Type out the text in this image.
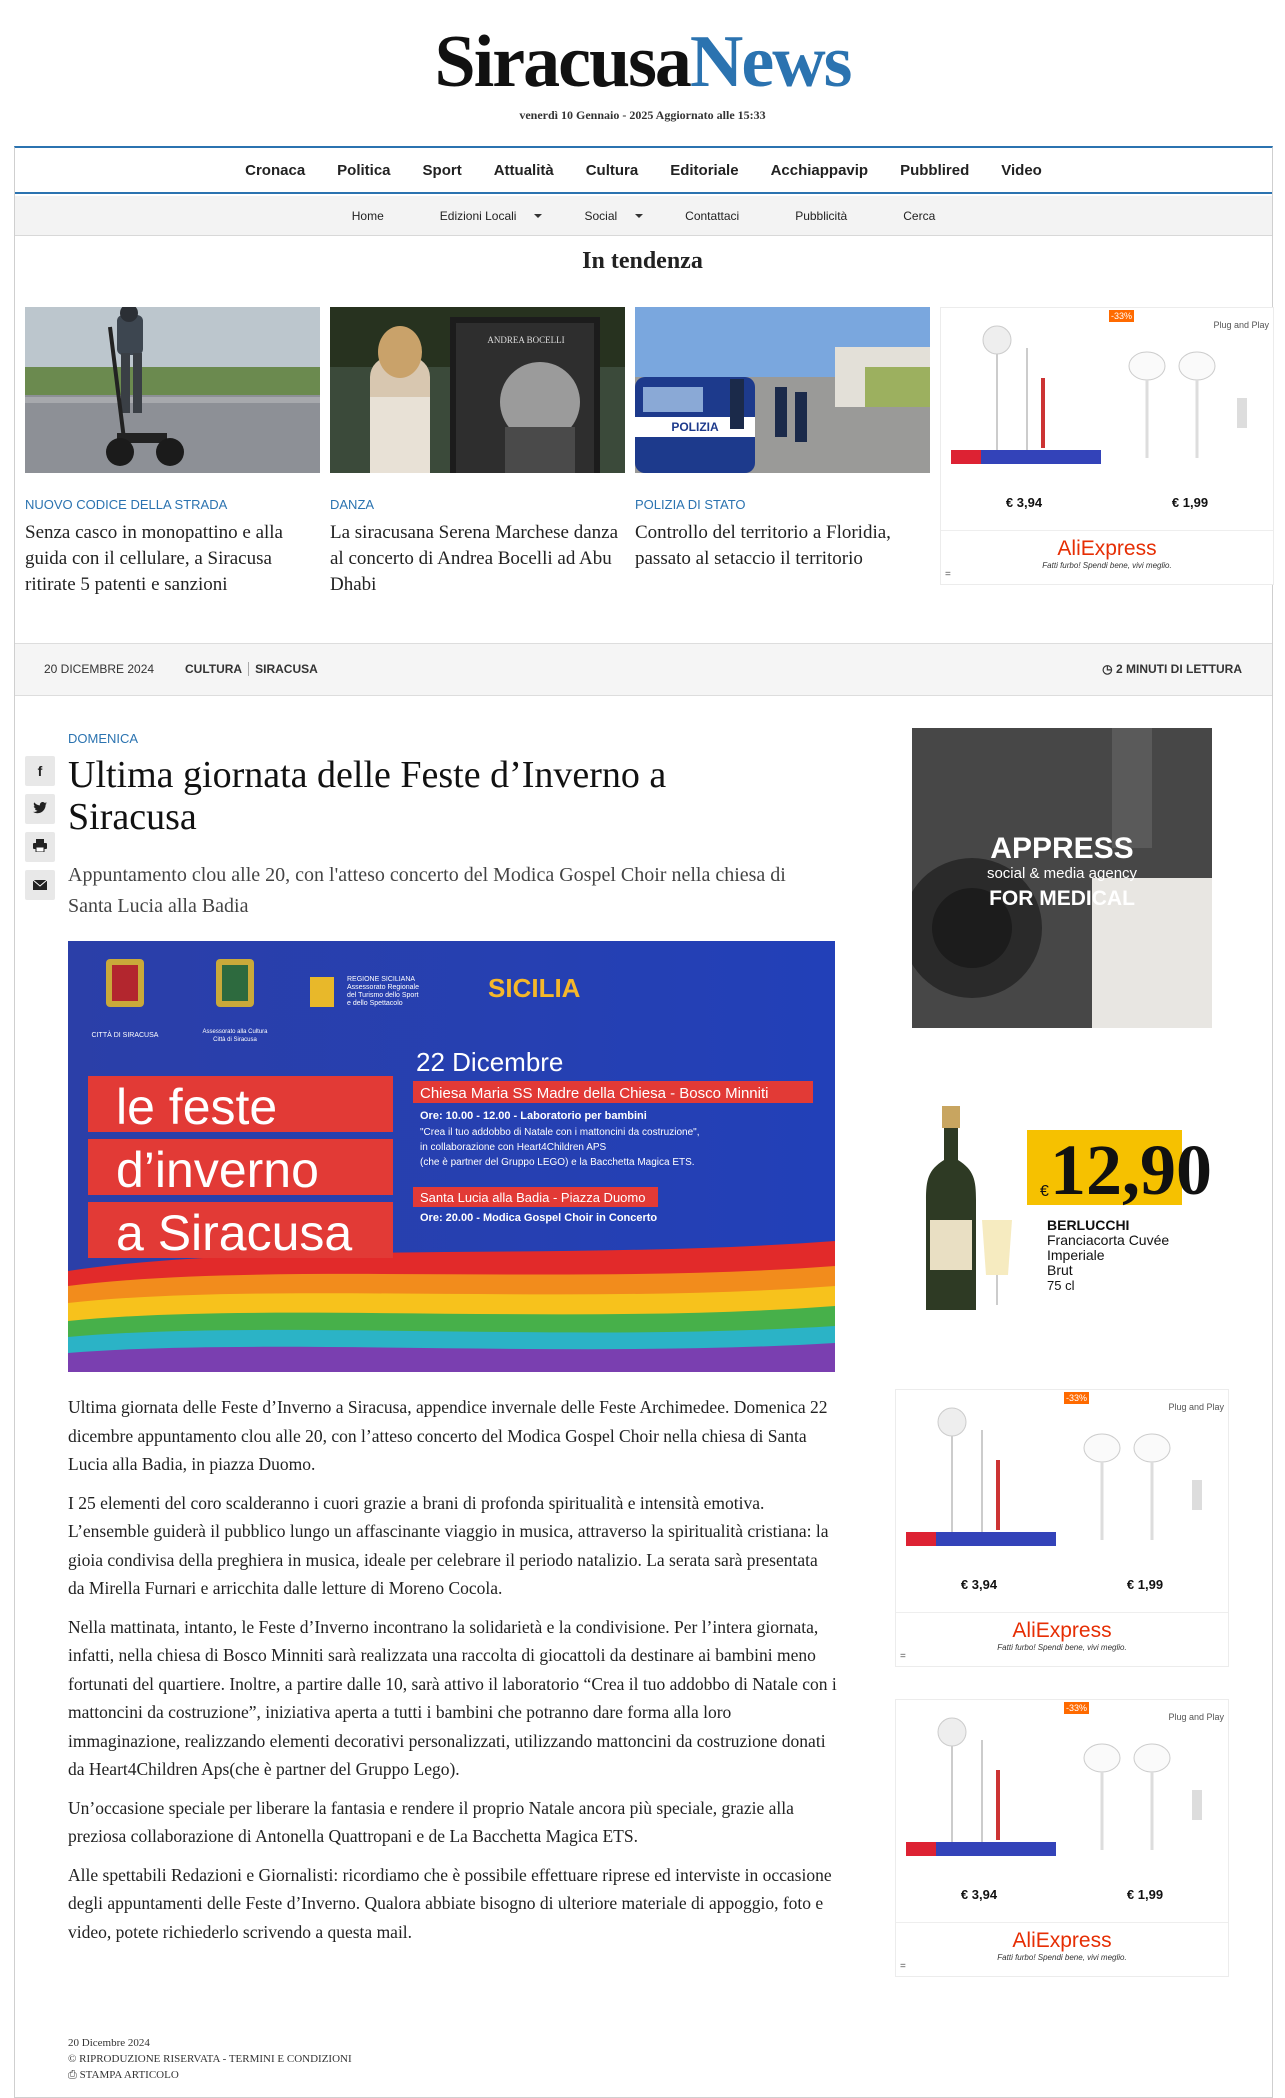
SiracusaNews
venerdì 10 Gennaio - 2025 Aggiornato alle 15:33
Cronaca	Politica	Sport	Attualità	Cultura	Editoriale	Acchiappavip	Pubblired	Video
Home	Edizioni Locali	Social	Contattaci	Pubblicità	Cerca
In tendenza
NUOVO CODICE DELLA STRADA
Senza casco in monopattino e alla guida con il cellulare, a Siracusa ritirate 5 patenti e sanzioni
ANDREA BOCELLI
DANZA
La siracusana Serena Marchese danza al concerto di Andrea Bocelli ad Abu Dhabi
POLIZIA
POLIZIA DI STATO
Controllo del territorio a Floridia, passato al setaccio il territorio
€ 3,94
-33%
Plug and Play
€ 1,99
AliExpress
Fatti furbo! Spendi bene, vivi meglio.
=
20 DICEMBRE 2024	CULTURA SIRACUSA	◷ 2 MINUTI DI LETTURA
f
DOMENICA
Ultima giornata delle Feste d’Inverno a Siracusa
Appuntamento clou alle 20, con l'atteso concerto del Modica Gospel Choir nella chiesa di Santa Lucia alla Badia
CITTÀ DI SIRACUSA	Assessorato alla Cultura Città di Siracusa
REGIONE SICILIANA Assessorato Regionale del Turismo dello Sport e dello Spettacolo
SICILIA
le feste
d’inverno
a Siracusa
22 Dicembre
Chiesa Maria SS Madre della Chiesa - Bosco Minniti
Ore: 10.00 - 12.00 - Laboratorio per bambini
"Crea il tuo addobbo di Natale con i mattoncini da costruzione",
in collaborazione con Heart4Children APS
(che è partner del Gruppo LEGO) e la Bacchetta Magica ETS.
Santa Lucia alla Badia - Piazza Duomo
Ore: 20.00 - Modica Gospel Choir in Concerto

Ultima giornata delle Feste d’Inverno a Siracusa, appendice invernale delle Feste Archimedee. Domenica 22 dicembre appuntamento clou alle 20, con l’atteso concerto del Modica Gospel Choir nella chiesa di Santa Lucia alla Badia, in piazza Duomo.

I 25 elementi del coro scalderanno i cuori grazie a brani di profonda spiritualità e intensità emotiva. L’ensemble guiderà il pubblico lungo un affascinante viaggio in musica, attraverso la spiritualità cristiana: la gioia condivisa della preghiera in musica, ideale per celebrare il periodo natalizio. La serata sarà presentata da Mirella Furnari e arricchita dalle letture di Moreno Cocola.

Nella mattinata, intanto, le Feste d’Inverno incontrano la solidarietà e la condivisione. Per l’intera giornata, infatti, nella chiesa di Bosco Minniti sarà realizzata una raccolta di giocattoli da destinare ai bambini meno fortunati del quartiere. Inoltre, a partire dalle 10, sarà attivo il laboratorio “Crea il tuo addobbo di Natale con i mattoncini da costruzione”, iniziativa aperta a tutti i bambini che potranno dare forma alla loro immaginazione, realizzando elementi decorativi personalizzati, utilizzando mattoncini da costruzione donati da Heart4Children Aps(che è partner del Gruppo Lego).

Un’occasione speciale per liberare la fantasia e rendere il proprio Natale ancora più speciale, grazie alla preziosa collaborazione di Antonella Quattropani e de La Bacchetta Magica ETS.

Alle spettabili Redazioni e Giornalisti: ricordiamo che è possibile effettuare riprese ed interviste in occasione degli appuntamenti delle Feste d’Inverno. Qualora abbiate bisogno di ulteriore materiale di appoggio, foto e video, potete richiederlo scrivendo a questa mail.

20 Dicembre 2024
© RIPRODUZIONE RISERVATA - TERMINI E CONDIZIONI
⎙ STAMPA ARTICOLO
APPRESS
social & media agency
FOR MEDICAL
12,90
€
BERLUCCHI
Franciacorta Cuvée
Imperiale
Brut
75 cl
€ 3,94
-33%
Plug and Play
€ 1,99
AliExpress
Fatti furbo! Spendi bene, vivi meglio.
=
€ 3,94
-33%
Plug and Play
€ 1,99
AliExpress
Fatti furbo! Spendi bene, vivi meglio.
=
